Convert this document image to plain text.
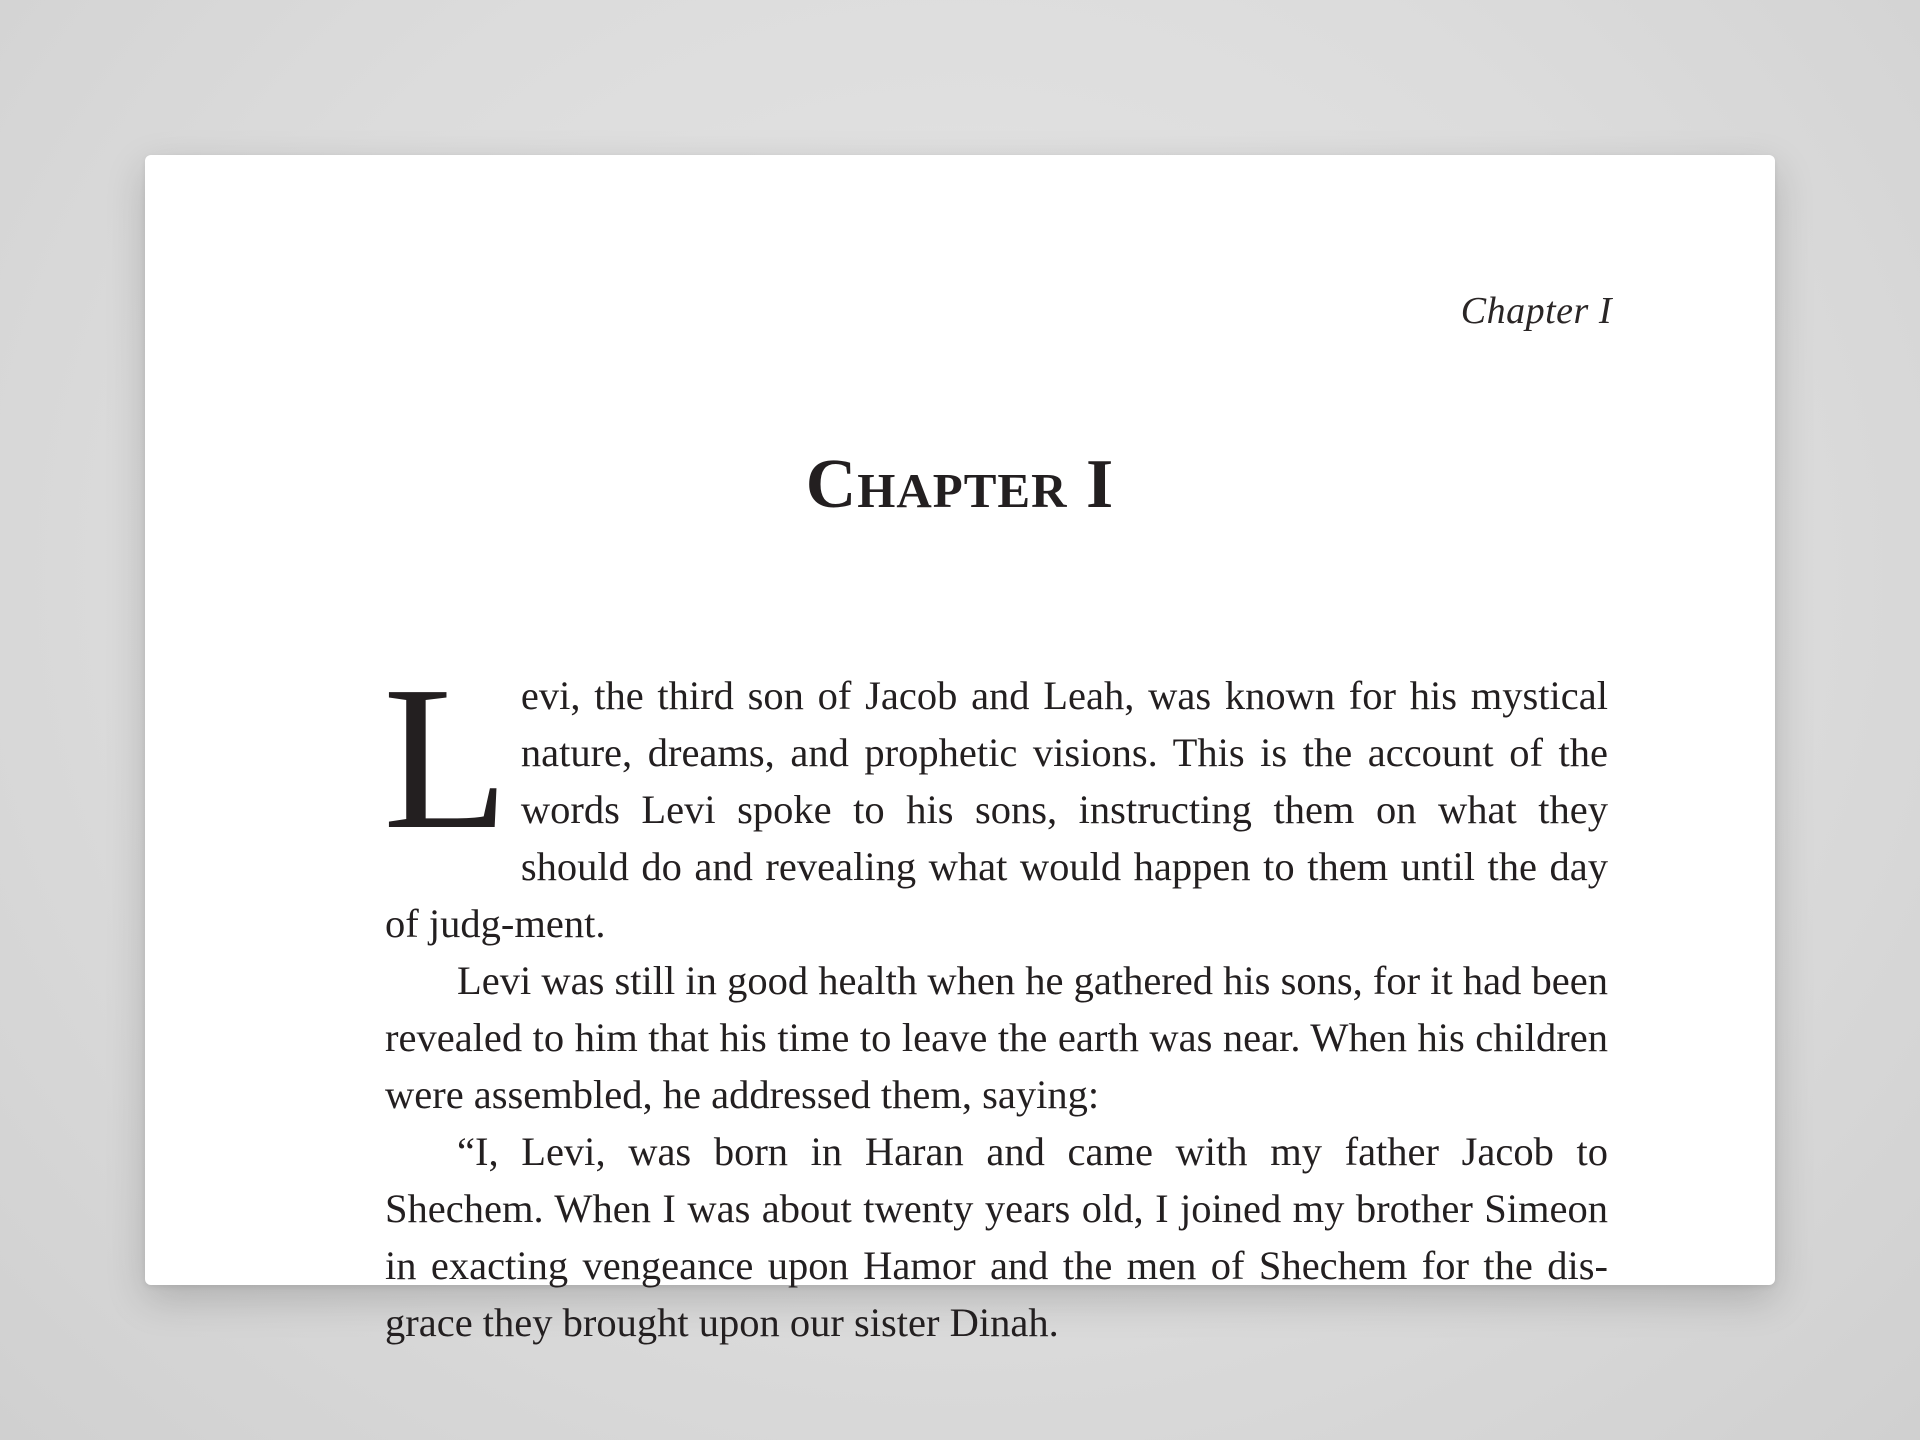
Chapter I
Chapter I

Levi, the third son of Jacob and Leah, was known for his mystical nature, dreams, and prophetic visions. This is the account of the words Levi spoke to his sons, instructing them on what they should do and revealing what would happen to them until the day of judg-ment.

Levi was still in good health when he gathered his sons, for it had been revealed to him that his time to leave the earth was near. When his children were assembled, he addressed them, saying:

“I, Levi, was born in Haran and came with my father Jacob to Shechem. When I was about twenty years old, I joined my brother Simeon in exacting vengeance upon Hamor and the men of Shechem for the dis-grace they brought upon our sister Dinah.
